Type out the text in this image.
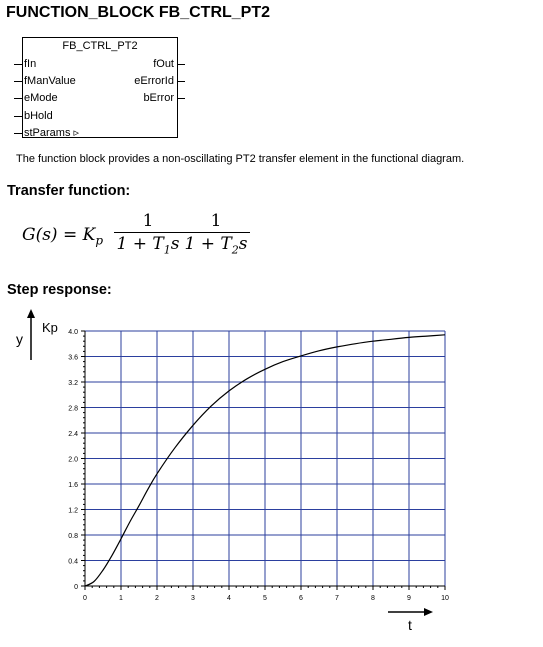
FUNCTION_BLOCK FB_CTRL_PT2
FB_CTRL_PT2
fIn
fManValue
eMode
bHold
stParams ▹
fOut
eErrorId
bError
The function block provides a non-oscillating PT2 transfer element in the functional diagram.
Transfer function:
$G(s) = K_p$
1
$1 + T_1s$
1
$1 + T_2s$
Step response:
0	1	2	3	4	5	6	7	8	9	10
0
0.4
0.8
1.2
1.6
2.0
2.4
2.8
3.2
3.6
4.0
y
Kp
t
